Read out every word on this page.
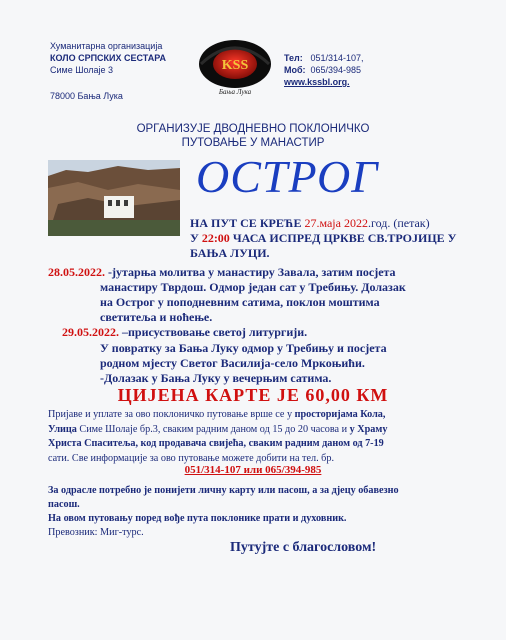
Хуманитарна организација
КОЛО СРПСКИХ СЕСТАРА
Симе Шолаје 3
78000 Бања Лука
KSS
Бања Лука
Тел: 051/314-107,
Моб: 065/394-985
www.kssbl.org.
ОРГАНИЗУЈЕ ДВОДНЕВНО ПОКЛОНИЧКО
ПУТОВАЊЕ У МАНАСТИР
ОСТРОГ
НА ПУТ СЕ КРЕЋЕ 27.маја 2022.год. (петак)
У 22:00 ЧАСА ИСПРЕД ЦРКВЕ СВ.ТРОЈИЦЕ У
БАЊА ЛУЦИ.
28.05.2022. -јутарња молитва у манастиру Завала, затим посјета
манастиру Тврдош. Одмор један сат у Требињу. Долазак
на Острог у поподневним сатима, поклон моштима
светитеља и ноћење.
29.05.2022. –присуствовање светој литургији.
У повратку за Бања Луку одмор у Требињу и посјета
родном мјесту Светог Василија-село Мркоњићи.
-Долазак у Бања Луку у вечерњим сатима.
ЦИЈЕНА КАРТЕ ЈЕ 60,00 КМ
Пријаве и уплате за ово поклоничко путовање врше се у просторијама Кола,
Улица Симе Шолаје бр.3, сваким радним даном од 15 до 20 часова и у Храму
Христа Спаситеља, код продавача свијећа, сваким радним даном од 7-19
сати. Све информације за ово путовање можете добити на тел. бр.
051/314-107 или 065/394-985
За одрасле потребно је понијети личну карту или пасош, а за дјецу обавезно
пасош.
На овом путовању поред вође пута поклонике прати и духовник.
Превозник: Миг-турс.
Путујте с благословом!
